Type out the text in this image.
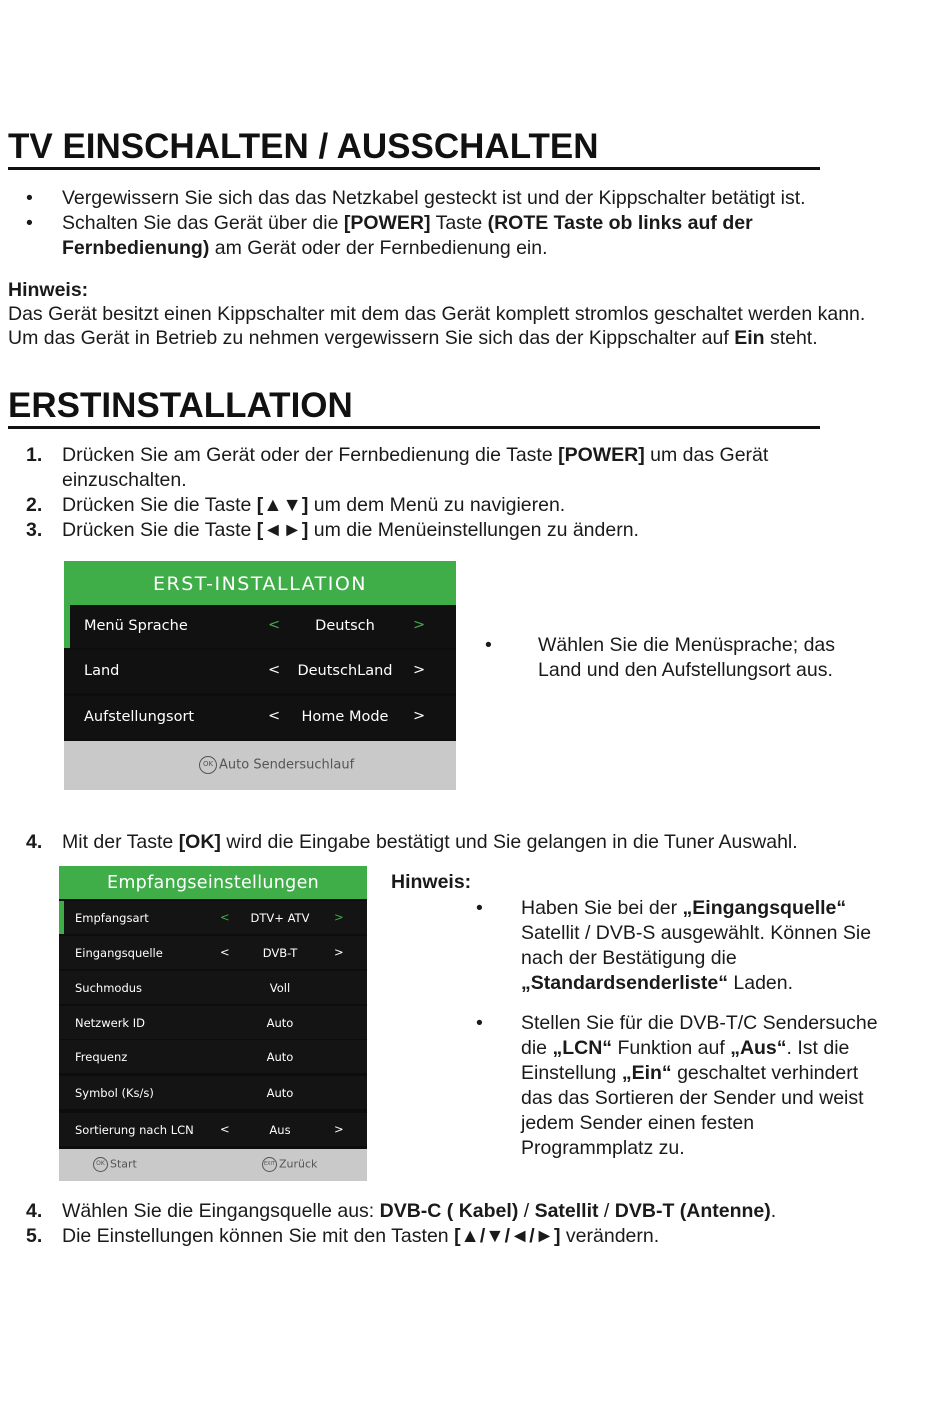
TV EINSCHALTEN / AUSSCHALTEN
• Vergewissern Sie sich das das Netzkabel gesteckt ist und der Kippschalter betätigt ist.
• Schalten Sie das Gerät über die [POWER] Taste (ROTE Taste ob links auf der
Fernbedienung) am Gerät oder der Fernbedienung ein.
Hinweis:
Das Gerät besitzt einen Kippschalter mit dem das Gerät komplett stromlos geschaltet werden kann.
Um das Gerät in Betrieb zu nehmen vergewissern Sie sich das der Kippschalter auf Ein steht.
ERSTINSTALLATION
1. Drücken Sie am Gerät oder der Fernbedienung die Taste [POWER] um das Gerät
einzuschalten.
2. Drücken Sie die Taste [▲▼] um dem Menü zu navigieren.
3. Drücken Sie die Taste [◄►] um die Menüeinstellungen zu ändern.
ERST-INSTALLATION
Menü Sprache	<	Deutsch	>
Land	<	DeutschLand	>
Aufstellungsort	<	Home Mode	>
OK Auto Sendersuchlauf
• Wählen Sie die Menüsprache; das
Land und den Aufstellungsort aus.
4. Mit der Taste [OK] wird die Eingabe bestätigt und Sie gelangen in die Tuner Auswahl.
Empfangseinstellungen
Empfangsart	<	DTV+ ATV	>
Eingangsquelle	<	DVB-T	>
Suchmodus	Voll
Netzwerk ID	Auto
Frequenz	Auto
Symbol (Ks/s)	Auto
Sortierung nach LCN <	Aus	>
OK Start	EXIT Zurück
Hinweis:
• Haben Sie bei der „Eingangsquelle“
Satellit / DVB-S ausgewählt. Können Sie
nach der Bestätigung die
„Standardsenderliste“ Laden.
• Stellen Sie für die DVB-T/C Sendersuche
die „LCN“ Funktion auf „Aus“. Ist die
Einstellung „Ein“ geschaltet verhindert
das das Sortieren der Sender und weist
jedem Sender einen festen
Programmplatz zu.
4. Wählen Sie die Eingangsquelle aus: DVB-C ( Kabel) / Satellit / DVB-T (Antenne).
5. Die Einstellungen können Sie mit den Tasten [▲/▼/◄/►] verändern.
